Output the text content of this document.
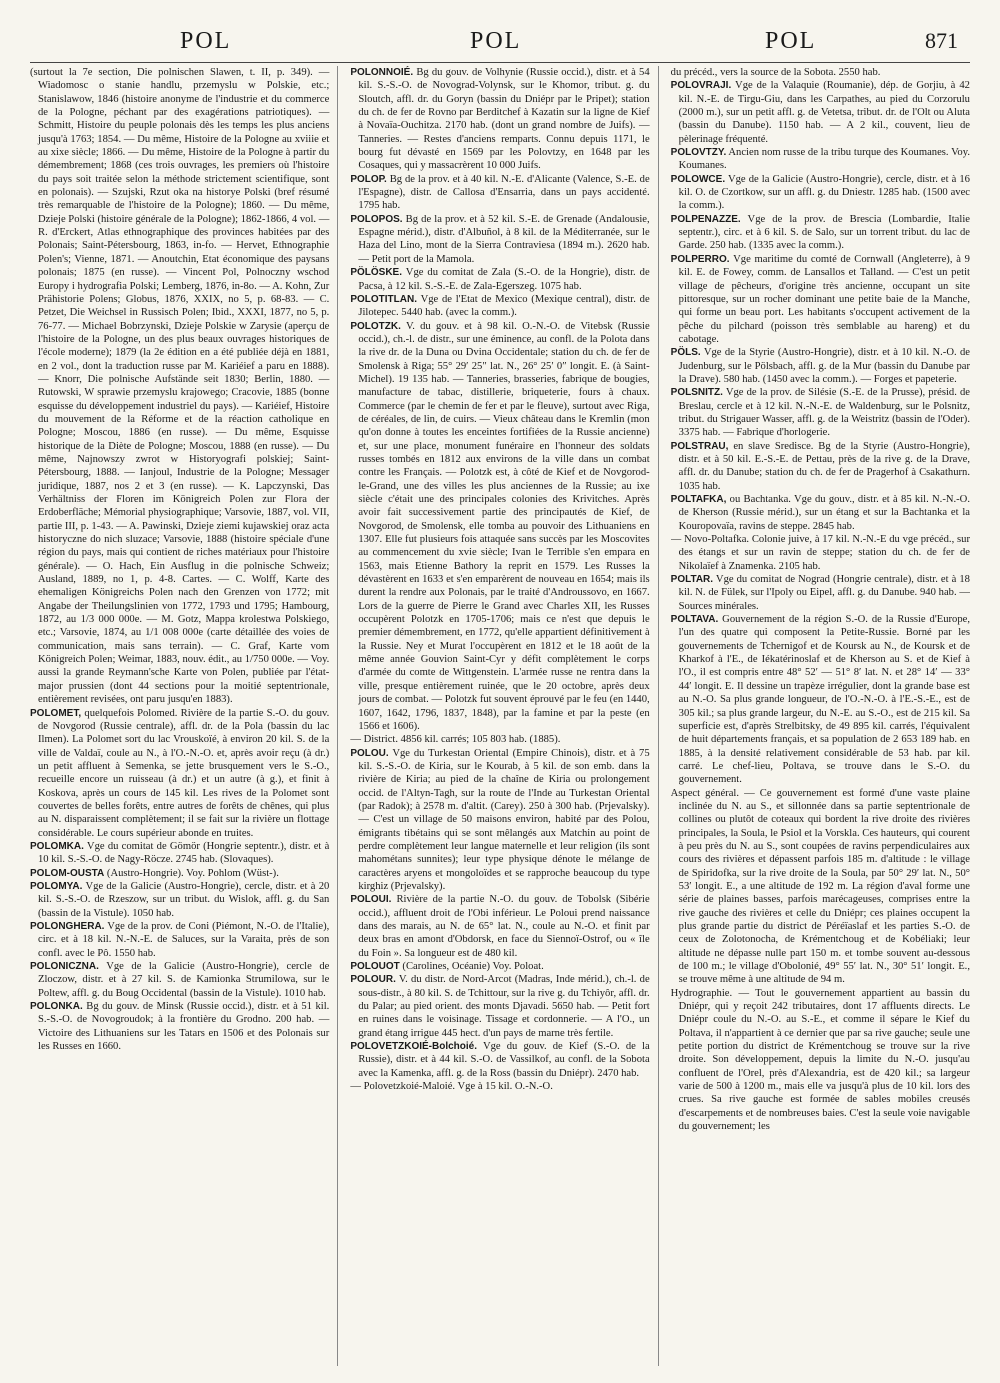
POL	POL	POL	871

(surtout la 7e section, Die polnischen Slawen, t. II, p. 349). — Wiadomosc o stanie handlu, przemyslu w Polskie, etc.; Stanislawow, 1846 (histoire anonyme de l'industrie et du commerce de la Pologne, péchant par des exagérations patriotiques). — Schmitt, Histoire du peuple polonais dès les temps les plus anciens jusqu'à 1763; 1854. — Du même, Histoire de la Pologne au xviiie et au xixe siècle; 1866. — Du même, Histoire de la Pologne à partir du démembrement; 1868 (ces trois ouvrages, les premiers où l'histoire du pays soit traitée selon la méthode strictement scientifique, sont en polonais). — Szujski, Rzut oka na historye Polski (bref résumé très remarquable de l'histoire de la Pologne); 1860. — Du même, Dzieje Polski (histoire générale de la Pologne); 1862-1866, 4 vol. — R. d'Erckert, Atlas ethnographique des provinces habitées par des Polonais; Saint-Pétersbourg, 1863, in-fo. — Hervet, Ethnographie Polen's; Vienne, 1871. — Anoutchin, Etat économique des paysans polonais; 1875 (en russe). — Vincent Pol, Polnoczny wschod Europy i hydrografia Polski; Lemberg, 1876, in-8o. — A. Kohn, Zur Prähistorie Polens; Globus, 1876, XXIX, no 5, p. 68-83. — C. Petzet, Die Weichsel in Russisch Polen; Ibid., XXXI, 1877, no 5, p. 76-77. — Michael Bobrzynski, Dzieje Polskie w Zarysie (aperçu de l'histoire de la Pologne, un des plus beaux ouvrages historiques de l'école moderne); 1879 (la 2e édition en a été publiée déjà en 1881, en 2 vol., dont la traduction russe par M. Kariéief a paru en 1888). — Knorr, Die polnische Aufstände seit 1830; Berlin, 1880. — Rutowski, W sprawie przemyslu krajowego; Cracovie, 1885 (bonne esquisse du développement industriel du pays). — Kariéief, Histoire du mouvement de la Réforme et de la réaction catholique en Pologne; Moscou, 1886 (en russe). — Du même, Esquisse historique de la Diète de Pologne; Moscou, 1888 (en russe). — Du même, Najnowszy zwrot w Historyografi polskiej; Saint-Pétersbourg, 1888. — Ianjoul, Industrie de la Pologne; Messager juridique, 1887, nos 2 et 3 (en russe). — K. Lapczynski, Das Verhältniss der Floren im Königreich Polen zur Flora der Erdoberfläche; Mémorial physiographique; Varsovie, 1887, vol. VII, partie III, p. 1-43. — A. Pawinski, Dzieje ziemi kujawskiej oraz acta historyczne do nich sluzace; Varsovie, 1888 (histoire spéciale d'une région du pays, mais qui contient de riches matériaux pour l'histoire générale). — O. Hach, Ein Ausflug in die polnische Schweiz; Ausland, 1889, no 1, p. 4-8. Cartes. — C. Wolff, Karte des ehemaligen Königreichs Polen nach den Grenzen von 1772; mit Angabe der Theilungslinien von 1772, 1793 und 1795; Hambourg, 1872, au 1/3 000 000e. — M. Gotz, Mappa krolestwa Polskiego, etc.; Varsovie, 1874, au 1/1 008 000e (carte détaillée des voies de communication, mais sans terrain). — C. Graf, Karte vom Königreich Polen; Weimar, 1883, nouv. édit., au 1/750 000e. — Voy. aussi la grande Reymann'sche Karte von Polen, publiée par l'état-major prussien (dont 44 sections pour la moitié septentrionale, entièrement revisées, ont paru jusqu'en 1883).

POLOMET, quelquefois Polomed. Rivière de la partie S.-O. du gouv. de Novgorod (Russie centrale), affl. dr. de la Pola (bassin du lac Ilmen). La Polomet sort du lac Vrouskoïé, à environ 20 kil. S. de la ville de Valdaï, coule au N., à l'O.-N.-O. et, après avoir reçu (à dr.) un petit affluent à Semenka, se jette brusquement vers le S.-O., recueille encore un ruisseau (à dr.) et un autre (à g.), et finit à Koskova, après un cours de 145 kil. Les rives de la Polomet sont couvertes de belles forêts, entre autres de forêts de chênes, qui plus au N. disparaissent complètement; il se fait sur la rivière un flottage considérable. Le cours supérieur abonde en truites.

POLOMKA. Vge du comitat de Gömör (Hongrie septentr.), distr. et à 10 kil. S.-S.-O. de Nagy-Röcze. 2745 hab. (Slovaques).

POLOM-OUSTA (Austro-Hongrie). Voy. Pohlom (Wüst-).

POLOMYA. Vge de la Galicie (Austro-Hongrie), cercle, distr. et à 20 kil. S.-S.-O. de Rzeszow, sur un tribut. du Wislok, affl. g. du San (bassin de la Vistule). 1050 hab.

POLONGHERA. Vge de la prov. de Coni (Piémont, N.-O. de l'Italie), circ. et à 18 kil. N.-N.-E. de Saluces, sur la Varaita, près de son confl. avec le Pô. 1550 hab.

POLONICZNA. Vge de la Galicie (Austro-Hongrie), cercle de Zloczow, distr. et à 27 kil. S. de Kamionka Strumilowa, sur le Poltew, affl. g. du Boug Occidental (bassin de la Vistule). 1010 hab.

POLONKA. Bg du gouv. de Minsk (Russie occid.), distr. et à 51 kil. S.-S.-O. de Novogroudok; à la frontière du Grodno. 200 hab. — Victoire des Lithuaniens sur les Tatars en 1506 et des Polonais sur les Russes en 1660.

POLONNOIÉ. Bg du gouv. de Volhynie (Russie occid.), distr. et à 54 kil. S.-S.-O. de Novograd-Volynsk, sur le Khomor, tribut. g. du Sloutch, affl. dr. du Goryn (bassin du Dniépr par le Pripet); station du ch. de fer de Rovno par Berditchef à Kazatin sur la ligne de Kief à Novaïa-Ouchitza. 2170 hab. (dont un grand nombre de Juifs). — Tanneries. — Restes d'anciens remparts. Connu depuis 1171, le bourg fut dévasté en 1569 par les Polovtzy, en 1648 par les Cosaques, qui y massacrèrent 10 000 Juifs.

POLOP. Bg de la prov. et à 40 kil. N.-E. d'Alicante (Valence, S.-E. de l'Espagne), distr. de Callosa d'Ensarria, dans un pays accidenté. 1795 hab.

POLOPOS. Bg de la prov. et à 52 kil. S.-E. de Grenade (Andalousie, Espagne mérid.), distr. d'Albuñol, à 8 kil. de la Méditerranée, sur le Haza del Lino, mont de la Sierra Contraviesa (1894 m.). 2620 hab. — Petit port de la Mamola.

PÖLÖSKE. Vge du comitat de Zala (S.-O. de la Hongrie), distr. de Pacsa, à 12 kil. S.-S.-E. de Zala-Egerszeg. 1075 hab.

POLOTITLAN. Vge de l'Etat de Mexico (Mexique central), distr. de Jilotepec. 5440 hab. (avec la comm.).

POLOTZK. V. du gouv. et à 98 kil. O.-N.-O. de Vitebsk (Russie occid.), ch.-l. de distr., sur une éminence, au confl. de la Polota dans la rive dr. de la Duna ou Dvina Occidentale; station du ch. de fer de Smolensk à Riga; 55° 29′ 25″ lat. N., 26° 25′ 0″ longit. E. (à Saint-Michel). 19 135 hab. — Tanneries, brasseries, fabrique de bougies, manufacture de tabac, distillerie, briqueterie, fours à chaux. Commerce (par le chemin de fer et par le fleuve), surtout avec Riga, de céréales, de lin, de cuirs. — Vieux château dans le Kremlin (mon qu'on donne à toutes les enceintes fortifiées de la Russie ancienne) et, sur une place, monument funéraire en l'honneur des soldats russes tombés en 1812 aux environs de la ville dans un combat contre les Français. — Polotzk est, à côté de Kief et de Novgorod-le-Grand, une des villes les plus anciennes de la Russie; au ixe siècle c'était une des principales colonies des Krivitches. Après avoir fait successivement partie des principautés de Kief, de Novgorod, de Smolensk, elle tomba au pouvoir des Lithuaniens en 1307. Elle fut plusieurs fois attaquée sans succès par les Moscovites au commencement du xvie siècle; Ivan le Terrible s'en empara en 1563, mais Etienne Bathory la reprit en 1579. Les Russes la dévastèrent en 1633 et s'en emparèrent de nouveau en 1654; mais ils durent la rendre aux Polonais, par le traité d'Androussovo, en 1667. Lors de la guerre de Pierre le Grand avec Charles XII, les Russes occupèrent Polotzk en 1705-1706; mais ce n'est que depuis le premier démembrement, en 1772, qu'elle appartient définitivement à la Russie. Ney et Murat l'occupèrent en 1812 et le 18 août de la même année Gouvion Saint-Cyr y défit complètement le corps d'armée du comte de Wittgenstein. L'armée russe ne rentra dans la ville, presque entièrement ruinée, que le 20 octobre, après deux jours de combat. — Polotzk fut souvent éprouvé par le feu (en 1440, 1607, 1642, 1796, 1837, 1848), par la famine et par la peste (en 1566 et 1606).

— District. 4856 kil. carrés; 105 803 hab. (1885).

POLOU. Vge du Turkestan Oriental (Empire Chinois), distr. et à 75 kil. S.-S.-O. de Kiria, sur le Kourab, à 5 kil. de son emb. dans la rivière de Kiria; au pied de la chaîne de Kiria ou prolongement occid. de l'Altyn-Tagh, sur la route de l'Inde au Turkestan Oriental (par Radok); à 2578 m. d'altit. (Carey). 250 à 300 hab. (Prjevalsky). — C'est un village de 50 maisons environ, habité par des Polou, émigrants tibétains qui se sont mêlangés aux Matchin au point de perdre complètement leur langue maternelle et leur religion (ils sont mahométans sunnites); leur type physique dénote le mélange de caractères aryens et mongoloïdes et se rapproche beaucoup du type kirghiz (Prjevalsky).

POLOUI. Rivière de la partie N.-O. du gouv. de Tobolsk (Sibérie occid.), affluent droit de l'Obi inférieur. Le Poloui prend naissance dans des marais, au N. de 65° lat. N., coule au N.-O. et finit par deux bras en amont d'Obdorsk, en face du Siennoï-Ostrof, ou « île du Foin ». Sa longueur est de 480 kil.

POLOUOT (Carolines, Océanie) Voy. Poloat.

POLOUR. V. du distr. de Nord-Arcot (Madras, Inde mérid.), ch.-l. de sous-distr., à 80 kil. S. de Tchittour, sur la rive g. du Tchiyôr, affl. dr. du Palar; au pied orient. des monts Djavadi. 5650 hab. — Petit fort en ruines dans le voisinage. Tissage et cordonnerie. — A l'O., un grand étang irrigue 445 hect. d'un pays de marne très fertile.

POLOVETZKOIÉ-Bolchoié. Vge du gouv. de Kief (S.-O. de la Russie), distr. et à 44 kil. S.-O. de Vassilkof, au confl. de la Sobota avec la Kamenka, affl. g. de la Ross (bassin du Dniépr). 2470 hab.

— Polovetzkoié-Maloié. Vge à 15 kil. O.-N.-O.

du précéd., vers la source de la Sobota. 2550 hab.

POLOVRAJI. Vge de la Valaquie (Roumanie), dép. de Gorjiu, à 42 kil. N.-E. de Tirgu-Giu, dans les Carpathes, au pied du Corzorulu (2000 m.), sur un petit affl. g. de Vetetsa, tribut. dr. de l'Olt ou Aluta (bassin du Danube). 1150 hab. — A 2 kil., couvent, lieu de pèlerinage fréquenté.

POLOVTZY. Ancien nom russe de la tribu turque des Koumanes. Voy. Koumanes.

POLOWCE. Vge de la Galicie (Austro-Hongrie), cercle, distr. et à 16 kil. O. de Czortkow, sur un affl. g. du Dniestr. 1285 hab. (1500 avec la comm.).

POLPENAZZE. Vge de la prov. de Brescia (Lombardie, Italie septentr.), circ. et à 6 kil. S. de Salo, sur un torrent tribut. du lac de Garde. 250 hab. (1335 avec la comm.).

POLPERRO. Vge maritime du comté de Cornwall (Angleterre), à 9 kil. E. de Fowey, comm. de Lansallos et Talland. — C'est un petit village de pêcheurs, d'origine très ancienne, occupant un site pittoresque, sur un rocher dominant une petite baie de la Manche, qui forme un beau port. Les habitants s'occupent activement de la pêche du pilchard (poisson très semblable au hareng) et du cabotage.

PÖLS. Vge de la Styrie (Austro-Hongrie), distr. et à 10 kil. N.-O. de Judenburg, sur le Pölsbach, affl. g. de la Mur (bassin du Danube par la Drave). 580 hab. (1450 avec la comm.). — Forges et papeterie.

POLSNITZ. Vge de la prov. de Silésie (S.-E. de la Prusse), présid. de Breslau, cercle et à 12 kil. N.-N.-E. de Waldenburg, sur le Polsnitz, tribut. du Strigauer Wasser, affl. g. de la Weistritz (bassin de l'Oder). 3375 hab. — Fabrique d'horlogerie.

POLSTRAU, en slave Sredisce. Bg de la Styrie (Austro-Hongrie), distr. et à 50 kil. E.-S.-E. de Pettau, près de la rive g. de la Drave, affl. dr. du Danube; station du ch. de fer de Pragerhof à Csakathurn. 1035 hab.

POLTAFKA, ou Bachtanka. Vge du gouv., distr. et à 85 kil. N.-N.-O. de Kherson (Russie mérid.), sur un étang et sur la Bachtanka et la Kouropovaïa, ravins de steppe. 2845 hab.

— Novo-Poltafka. Colonie juive, à 17 kil. N.-N.-E du vge précéd., sur des étangs et sur un ravin de steppe; station du ch. de fer de Nikolaïef à Znamenka. 2105 hab.

POLTAR. Vge du comitat de Nograd (Hongrie centrale), distr. et à 18 kil. N. de Fülek, sur l'Ipoly ou Eipel, affl. g. du Danube. 940 hab. — Sources minérales.

POLTAVA. Gouvernement de la région S.-O. de la Russie d'Europe, l'un des quatre qui composent la Petite-Russie. Borné par les gouvernements de Tchernigof et de Koursk au N., de Koursk et de Kharkof à l'E., de Iékatérinoslaf et de Kherson au S. et de Kief à l'O., il est compris entre 48° 52′ — 51° 8′ lat. N. et 28° 14′ — 33° 44′ longit. E. Il dessine un trapèze irrégulier, dont la grande base est au N.-O. Sa plus grande longueur, de l'O.-N.-O. à l'E.-S.-E., est de 305 kil.; sa plus grande largeur, du N.-E. au S.-O., est de 215 kil. Sa superficie est, d'après Strelbitsky, de 49 895 kil. carrés, l'équivalent de huit départements français, et sa population de 2 653 189 hab. en 1885, à la densité relativement considérable de 53 hab. par kil. carré. Le chef-lieu, Poltava, se trouve dans le S.-O. du gouvernement.

Aspect général. — Ce gouvernement est formé d'une vaste plaine inclinée du N. au S., et sillonnée dans sa partie septentrionale de collines ou plutôt de coteaux qui bordent la rive droite des rivières principales, la Soula, le Psiol et la Vorskla. Ces hauteurs, qui courent à peu près du N. au S., sont coupées de ravins perpendiculaires aux cours des rivières et dépassent parfois 185 m. d'altitude : le village de Spiridofka, sur la rive droite de la Soula, par 50° 29′ lat. N., 50° 53′ longit. E., a une altitude de 192 m. La région d'aval forme une série de plaines basses, parfois marécageuses, comprises entre la rive gauche des rivières et celle du Dniépr; ces plaines occupent la plus grande partie du district de Péréïaslaf et les parties S.-O. de ceux de Zolotonocha, de Krémentchoug et de Kobéliaki; leur altitude ne dépasse nulle part 150 m. et tombe souvent au-dessous de 100 m.; le village d'Obolonié, 49° 55′ lat. N., 30° 51′ longit. E., se trouve même à une altitude de 94 m.

Hydrographie. — Tout le gouvernement appartient au bassin du Dniépr, qui y reçoit 242 tributaires, dont 17 affluents directs. Le Dniépr coule du N.-O. au S.-E., et comme il sépare le Kief du Poltava, il n'appartient à ce dernier que par sa rive gauche; seule une petite portion du district de Krémentchoug se trouve sur la rive droite. Son développement, depuis la limite du N.-O. jusqu'au confluent de l'Orel, près d'Alexandria, est de 420 kil.; sa largeur varie de 500 à 1200 m., mais elle va jusqu'à plus de 10 kil. lors des crues. Sa rive gauche est formée de sables mobiles creusés d'escarpements et de nombreuses baies. C'est la seule voie navigable du gouvernement; les
